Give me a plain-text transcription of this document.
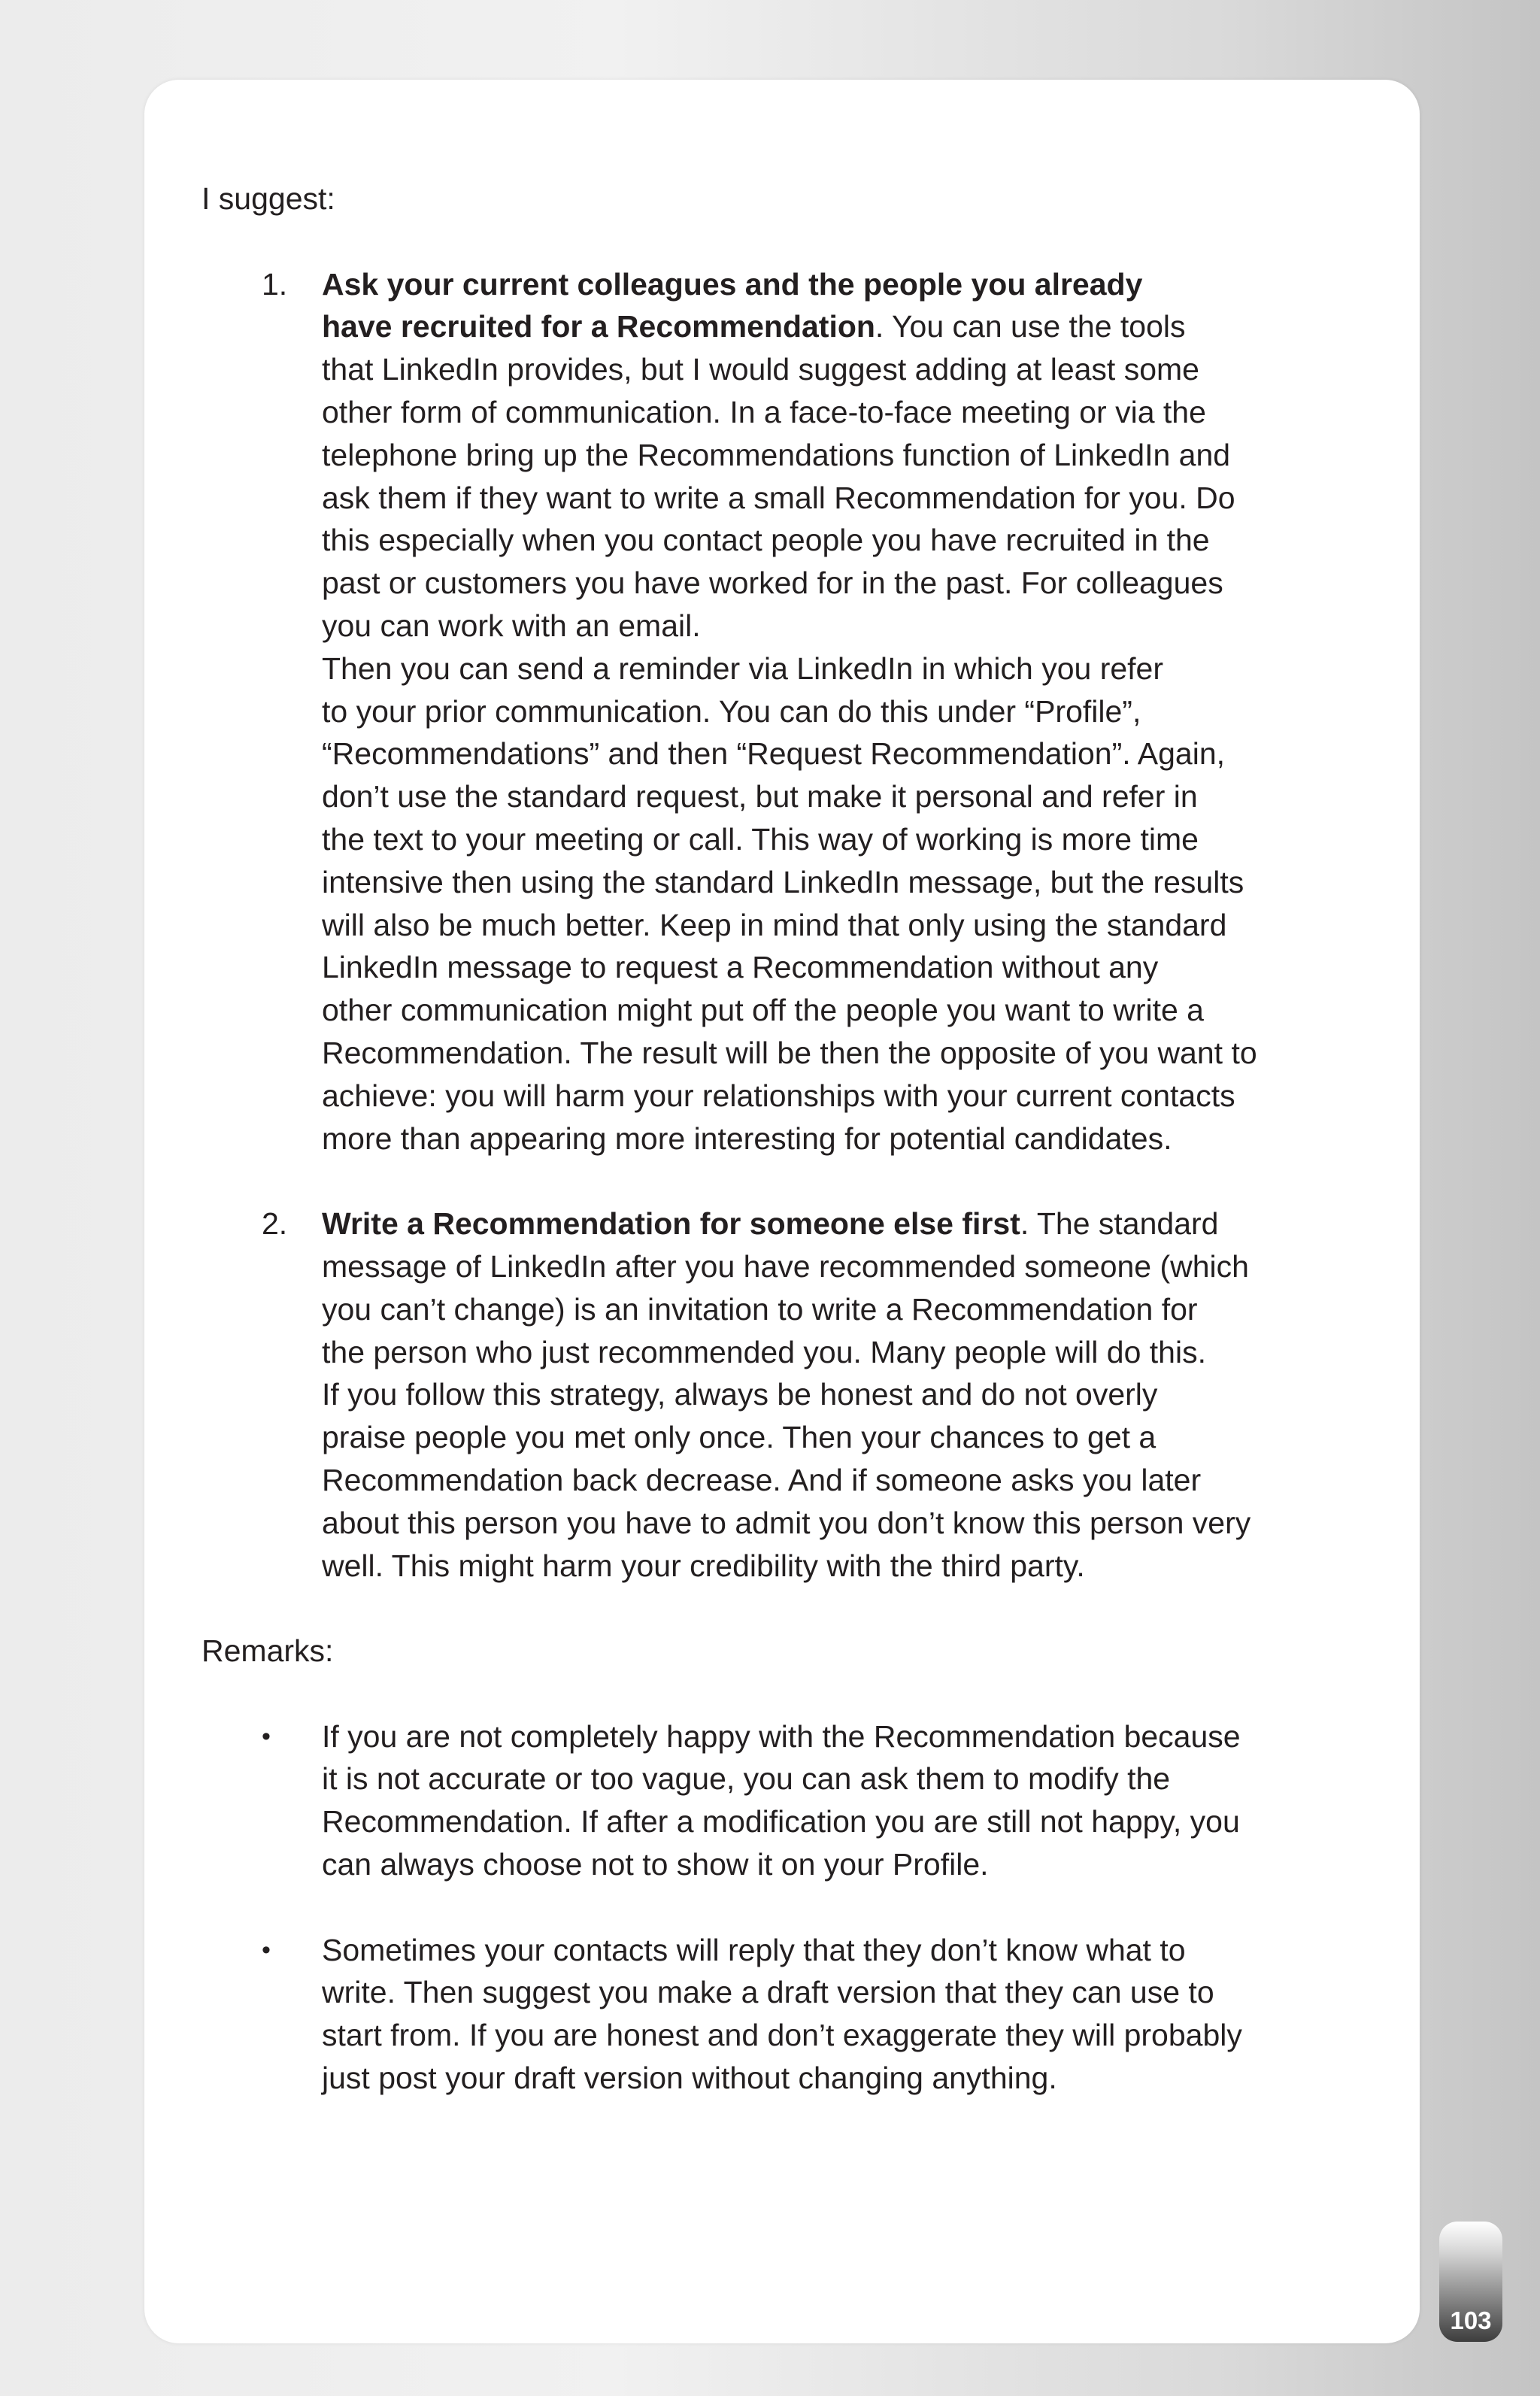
I suggest:

1. Ask your current colleagues and the people you already
have recruited for a Recommendation. You can use the tools
that LinkedIn provides, but I would suggest adding at least some
other form of communication. In a face-to-face meeting or via the
telephone bring up the Recommendations function of LinkedIn and
ask them if they want to write a small Recommendation for you. Do
this especially when you contact people you have recruited in the
past or customers you have worked for in the past. For colleagues
you can work with an email.
Then you can send a reminder via LinkedIn in which you refer
to your prior communication. You can do this under “Profile”,
“Recommendations” and then “Request Recommendation”. Again,
don’t use the standard request, but make it personal and refer in
the text to your meeting or call. This way of working is more time
intensive then using the standard LinkedIn message, but the results
will also be much better. Keep in mind that only using the standard
LinkedIn message to request a Recommendation without any
other communication might put off the people you want to write a
Recommendation. The result will be then the opposite of you want to
achieve: you will harm your relationships with your current contacts
more than appearing more interesting for potential candidates.
2. Write a Recommendation for someone else first. The standard
message of LinkedIn after you have recommended someone (which
you can’t change) is an invitation to write a Recommendation for
the person who just recommended you. Many people will do this.
If you follow this strategy, always be honest and do not overly
praise people you met only once. Then your chances to get a
Recommendation back decrease. And if someone asks you later
about this person you have to admit you don’t know this person very
well. This might harm your credibility with the third party.

Remarks:

• If you are not completely happy with the Recommendation because
it is not accurate or too vague, you can ask them to modify the
Recommendation. If after a modification you are still not happy, you
can always choose not to show it on your Profile.
• Sometimes your contacts will reply that they don’t know what to
write. Then suggest you make a draft version that they can use to
start from. If you are honest and don’t exaggerate they will probably
just post your draft version without changing anything.
103
